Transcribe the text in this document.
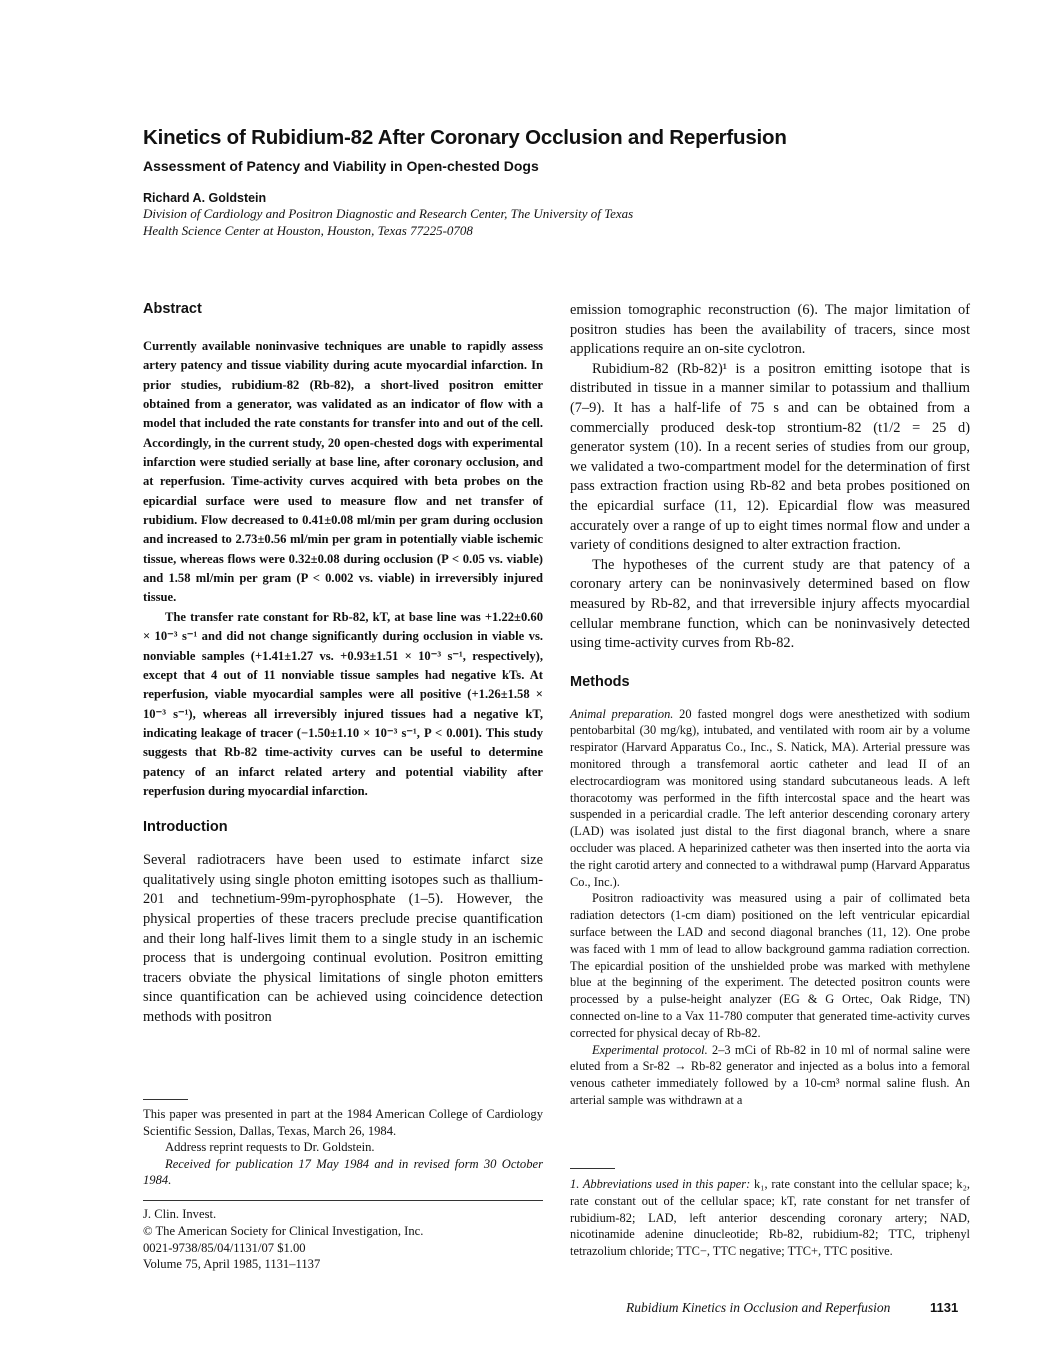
Kinetics of Rubidium-82 After Coronary Occlusion and Reperfusion
Assessment of Patency and Viability in Open-chested Dogs
Richard A. Goldstein
Division of Cardiology and Positron Diagnostic and Research Center, The University of Texas
Health Science Center at Houston, Houston, Texas 77225-0708
Abstract

Currently available noninvasive techniques are unable to rapidly assess artery patency and tissue viability during acute myocardial infarction. In prior studies, rubidium-82 (Rb-82), a short-lived positron emitter obtained from a generator, was validated as an indicator of flow with a model that included the rate constants for transfer into and out of the cell. Accordingly, in the current study, 20 open-chested dogs with experimental infarction were studied serially at base line, after coronary occlusion, and at reperfusion. Time-activity curves acquired with beta probes on the epicardial surface were used to measure flow and net transfer of rubidium. Flow decreased to 0.41±0.08 ml/min per gram during occlusion and increased to 2.73±0.56 ml/min per gram in potentially viable ischemic tissue, whereas flows were 0.32±0.08 during occlusion (P < 0.05 vs. viable) and 1.58 ml/min per gram (P < 0.002 vs. viable) in irreversibly injured tissue.

The transfer rate constant for Rb-82, kT, at base line was +1.22±0.60 × 10⁻³ s⁻¹ and did not change significantly during occlusion in viable vs. nonviable samples (+1.41±1.27 vs. +0.93±1.51 × 10⁻³ s⁻¹, respectively), except that 4 out of 11 nonviable tissue samples had negative kTs. At reperfusion, viable myocardial samples were all positive (+1.26±1.58 × 10⁻³ s⁻¹), whereas all irreversibly injured tissues had a negative kT, indicating leakage of tracer (−1.50±1.10 × 10⁻³ s⁻¹, P < 0.001). This study suggests that Rb-82 time-activity curves can be useful to determine patency of an infarct related artery and potential viability after reperfusion during myocardial infarction.

Introduction

Several radiotracers have been used to estimate infarct size qualitatively using single photon emitting isotopes such as thallium-201 and technetium-99m-pyrophosphate (1–5). However, the physical properties of these tracers preclude precise quantification and their long half-lives limit them to a single study in an ischemic process that is undergoing continual evolution. Positron emitting tracers obviate the physical limitations of single photon emitters since quantification can be achieved using coincidence detection methods with positron

This paper was presented in part at the 1984 American College of Cardiology Scientific Session, Dallas, Texas, March 26, 1984.

Address reprint requests to Dr. Goldstein.

Received for publication 17 May 1984 and in revised form 30 October 1984.

J. Clin. Invest.
© The American Society for Clinical Investigation, Inc.
0021-9738/85/04/1131/07 $1.00
Volume 75, April 1985, 1131–1137

emission tomographic reconstruction (6). The major limitation of positron studies has been the availability of tracers, since most applications require an on-site cyclotron.

Rubidium-82 (Rb-82)¹ is a positron emitting isotope that is distributed in tissue in a manner similar to potassium and thallium (7–9). It has a half-life of 75 s and can be obtained from a commercially produced desk-top strontium-82 (t1/2 = 25 d) generator system (10). In a recent series of studies from our group, we validated a two-compartment model for the determination of first pass extraction fraction using Rb-82 and beta probes positioned on the epicardial surface (11, 12). Epicardial flow was measured accurately over a range of up to eight times normal flow and under a variety of conditions designed to alter extraction fraction.

The hypotheses of the current study are that patency of a coronary artery can be noninvasively determined based on flow measured by Rb-82, and that irreversible injury affects myocardial cellular membrane function, which can be noninvasively detected using time-activity curves from Rb-82.

Methods

Animal preparation. 20 fasted mongrel dogs were anesthetized with sodium pentobarbital (30 mg/kg), intubated, and ventilated with room air by a volume respirator (Harvard Apparatus Co., Inc., S. Natick, MA). Arterial pressure was monitored through a transfemoral aortic catheter and lead II of an electrocardiogram was monitored using standard subcutaneous leads. A left thoracotomy was performed in the fifth intercostal space and the heart was suspended in a pericardial cradle. The left anterior descending coronary artery (LAD) was isolated just distal to the first diagonal branch, where a snare occluder was placed. A heparinized catheter was then inserted into the aorta via the right carotid artery and connected to a withdrawal pump (Harvard Apparatus Co., Inc.).

Positron radioactivity was measured using a pair of collimated beta radiation detectors (1-cm diam) positioned on the left ventricular epicardial surface between the LAD and second diagonal branches (11, 12). One probe was faced with 1 mm of lead to allow background gamma radiation correction. The epicardial position of the unshielded probe was marked with methylene blue at the beginning of the experiment. The detected positron counts were processed by a pulse-height analyzer (EG & G Ortec, Oak Ridge, TN) connected on-line to a Vax 11-780 computer that generated time-activity curves corrected for physical decay of Rb-82.

Experimental protocol. 2–3 mCi of Rb-82 in 10 ml of normal saline were eluted from a Sr-82 → Rb-82 generator and injected as a bolus into a femoral venous catheter immediately followed by a 10-cm³ normal saline flush. An arterial sample was withdrawn at a

1. Abbreviations used in this paper: k₁, rate constant into the cellular space; k₂, rate constant out of the cellular space; kT, rate constant for net transfer of rubidium-82; LAD, left anterior descending coronary artery; NAD, nicotinamide adenine dinucleotide; Rb-82, rubidium-82; TTC, triphenyl tetrazolium chloride; TTC−, TTC negative; TTC+, TTC positive.
Rubidium Kinetics in Occlusion and Reperfusion	1131
